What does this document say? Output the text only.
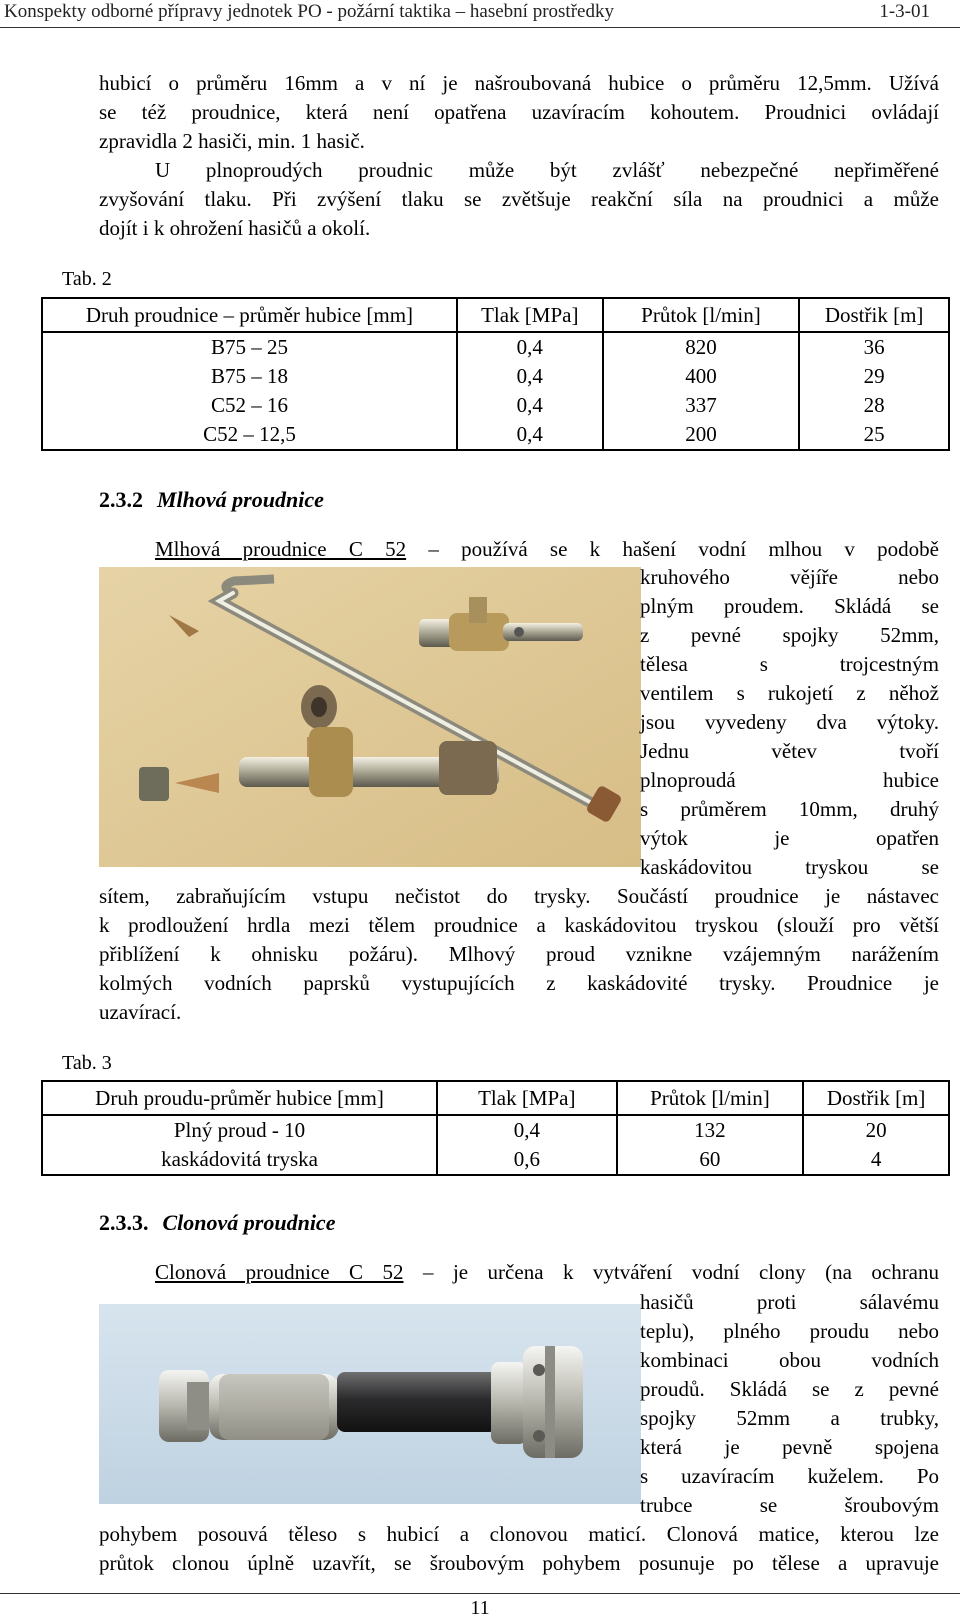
Konspekty odborné přípravy jednotek PO - požární taktika – hasební prostředky	1-3-01
hubicí o průměru 16mm a v ní je našroubovaná hubice o průměru 12,5mm. Užívá
se též proudnice, která není opatřena uzavíracím kohoutem. Proudnici ovládají
zpravidla 2 hasiči, min. 1 hasič.
U plnoproudých proudnic může být zvlášť nebezpečné nepřiměřené
zvyšování tlaku. Při zvýšení tlaku se zvětšuje reakční síla na proudnici a může
dojít i k ohrožení hasičů a okolí.
Tab. 2
Druh proudnice – průměr hubice [mm]	Tlak [MPa]	Průtok [l/min]	Dostřik [m]
B75 – 25	0,4	820	36
B75 – 18	0,4	400	29
C52 – 16	0,4	337	28
C52 – 12,5	0,4	200	25
2.3.2 Mlhová proudnice
Mlhová proudnice C 52 – používá se k hašení vodní mlhou v podobě
kruhového vějíře nebo
plným proudem. Skládá se
z pevné spojky 52mm,
tělesa s trojcestným
ventilem s rukojetí z něhož
jsou vyvedeny dva výtoky.
Jednu větev tvoří
plnoproudá hubice
s průměrem 10mm, druhý
výtok je opatřen
kaskádovitou tryskou se
sítem, zabraňujícím vstupu nečistot do trysky. Součástí proudnice je nástavec
k prodloužení hrdla mezi tělem proudnice a kaskádovitou tryskou (slouží pro větší
přiblížení k ohnisku požáru). Mlhový proud vznikne vzájemným narážením
kolmých vodních paprsků vystupujících z kaskádovité trysky. Proudnice je
uzavírací.
Tab. 3
Druh proudu-průměr hubice [mm]	Tlak [MPa]	Průtok [l/min]	Dostřik [m]
Plný proud - 10	0,4	132	20
kaskádovitá tryska	0,6	60	4
2.3.3. Clonová proudnice
Clonová proudnice C 52 – je určena k vytváření vodní clony (na ochranu
hasičů proti sálavému
teplu), plného proudu nebo
kombinaci obou vodních
proudů. Skládá se z pevné
spojky 52mm a trubky,
která je pevně spojena
s uzavíracím kuželem. Po
trubce se šroubovým
pohybem posouvá těleso s hubicí a clonovou maticí. Clonová matice, kterou lze
průtok clonou úplně uzavřít, se šroubovým pohybem posunuje po tělese a upravuje
11
